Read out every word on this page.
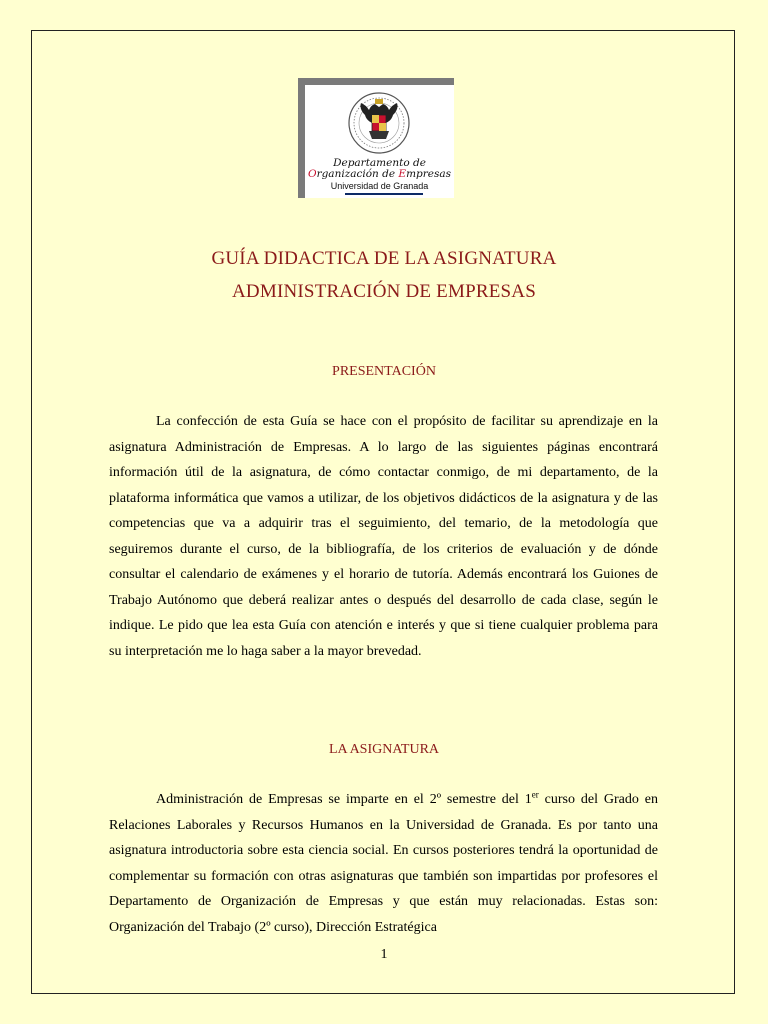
Departamento de
Organización de Empresas
Universidad de Granada
GUÍA DIDACTICA DE LA ASIGNATURA
ADMINISTRACIÓN DE EMPRESAS
PRESENTACIÓN

La confección de esta Guía se hace con el propósito de facilitar su aprendizaje en la asignatura Administración de Empresas. A lo largo de las siguientes páginas encontrará información útil de la asignatura, de cómo contactar conmigo, de mi departamento, de la plataforma informática que vamos a utilizar, de los objetivos didácticos de la asignatura y de las competencias que va a adquirir tras el seguimiento, del temario, de la metodología que seguiremos durante el curso, de la bibliografía, de los criterios de evaluación y de dónde consultar el calendario de exámenes y el horario de tutoría. Además encontrará los Guiones de Trabajo Autónomo que deberá realizar antes o después del desarrollo de cada clase, según le indique. Le pido que lea esta Guía con atención e interés y que si tiene cualquier problema para su interpretación me lo haga saber a la mayor brevedad.

LA ASIGNATURA

Administración de Empresas se imparte en el 2º semestre del 1er curso del Grado en Relaciones Laborales y Recursos Humanos en la Universidad de Granada. Es por tanto una asignatura introductoria sobre esta ciencia social. En cursos posteriores tendrá la oportunidad de complementar su formación con otras asignaturas que también son impartidas por profesores el Departamento de Organización de Empresas y que están muy relacionadas. Estas son: Organización del Trabajo (2º curso), Dirección Estratégica

1
